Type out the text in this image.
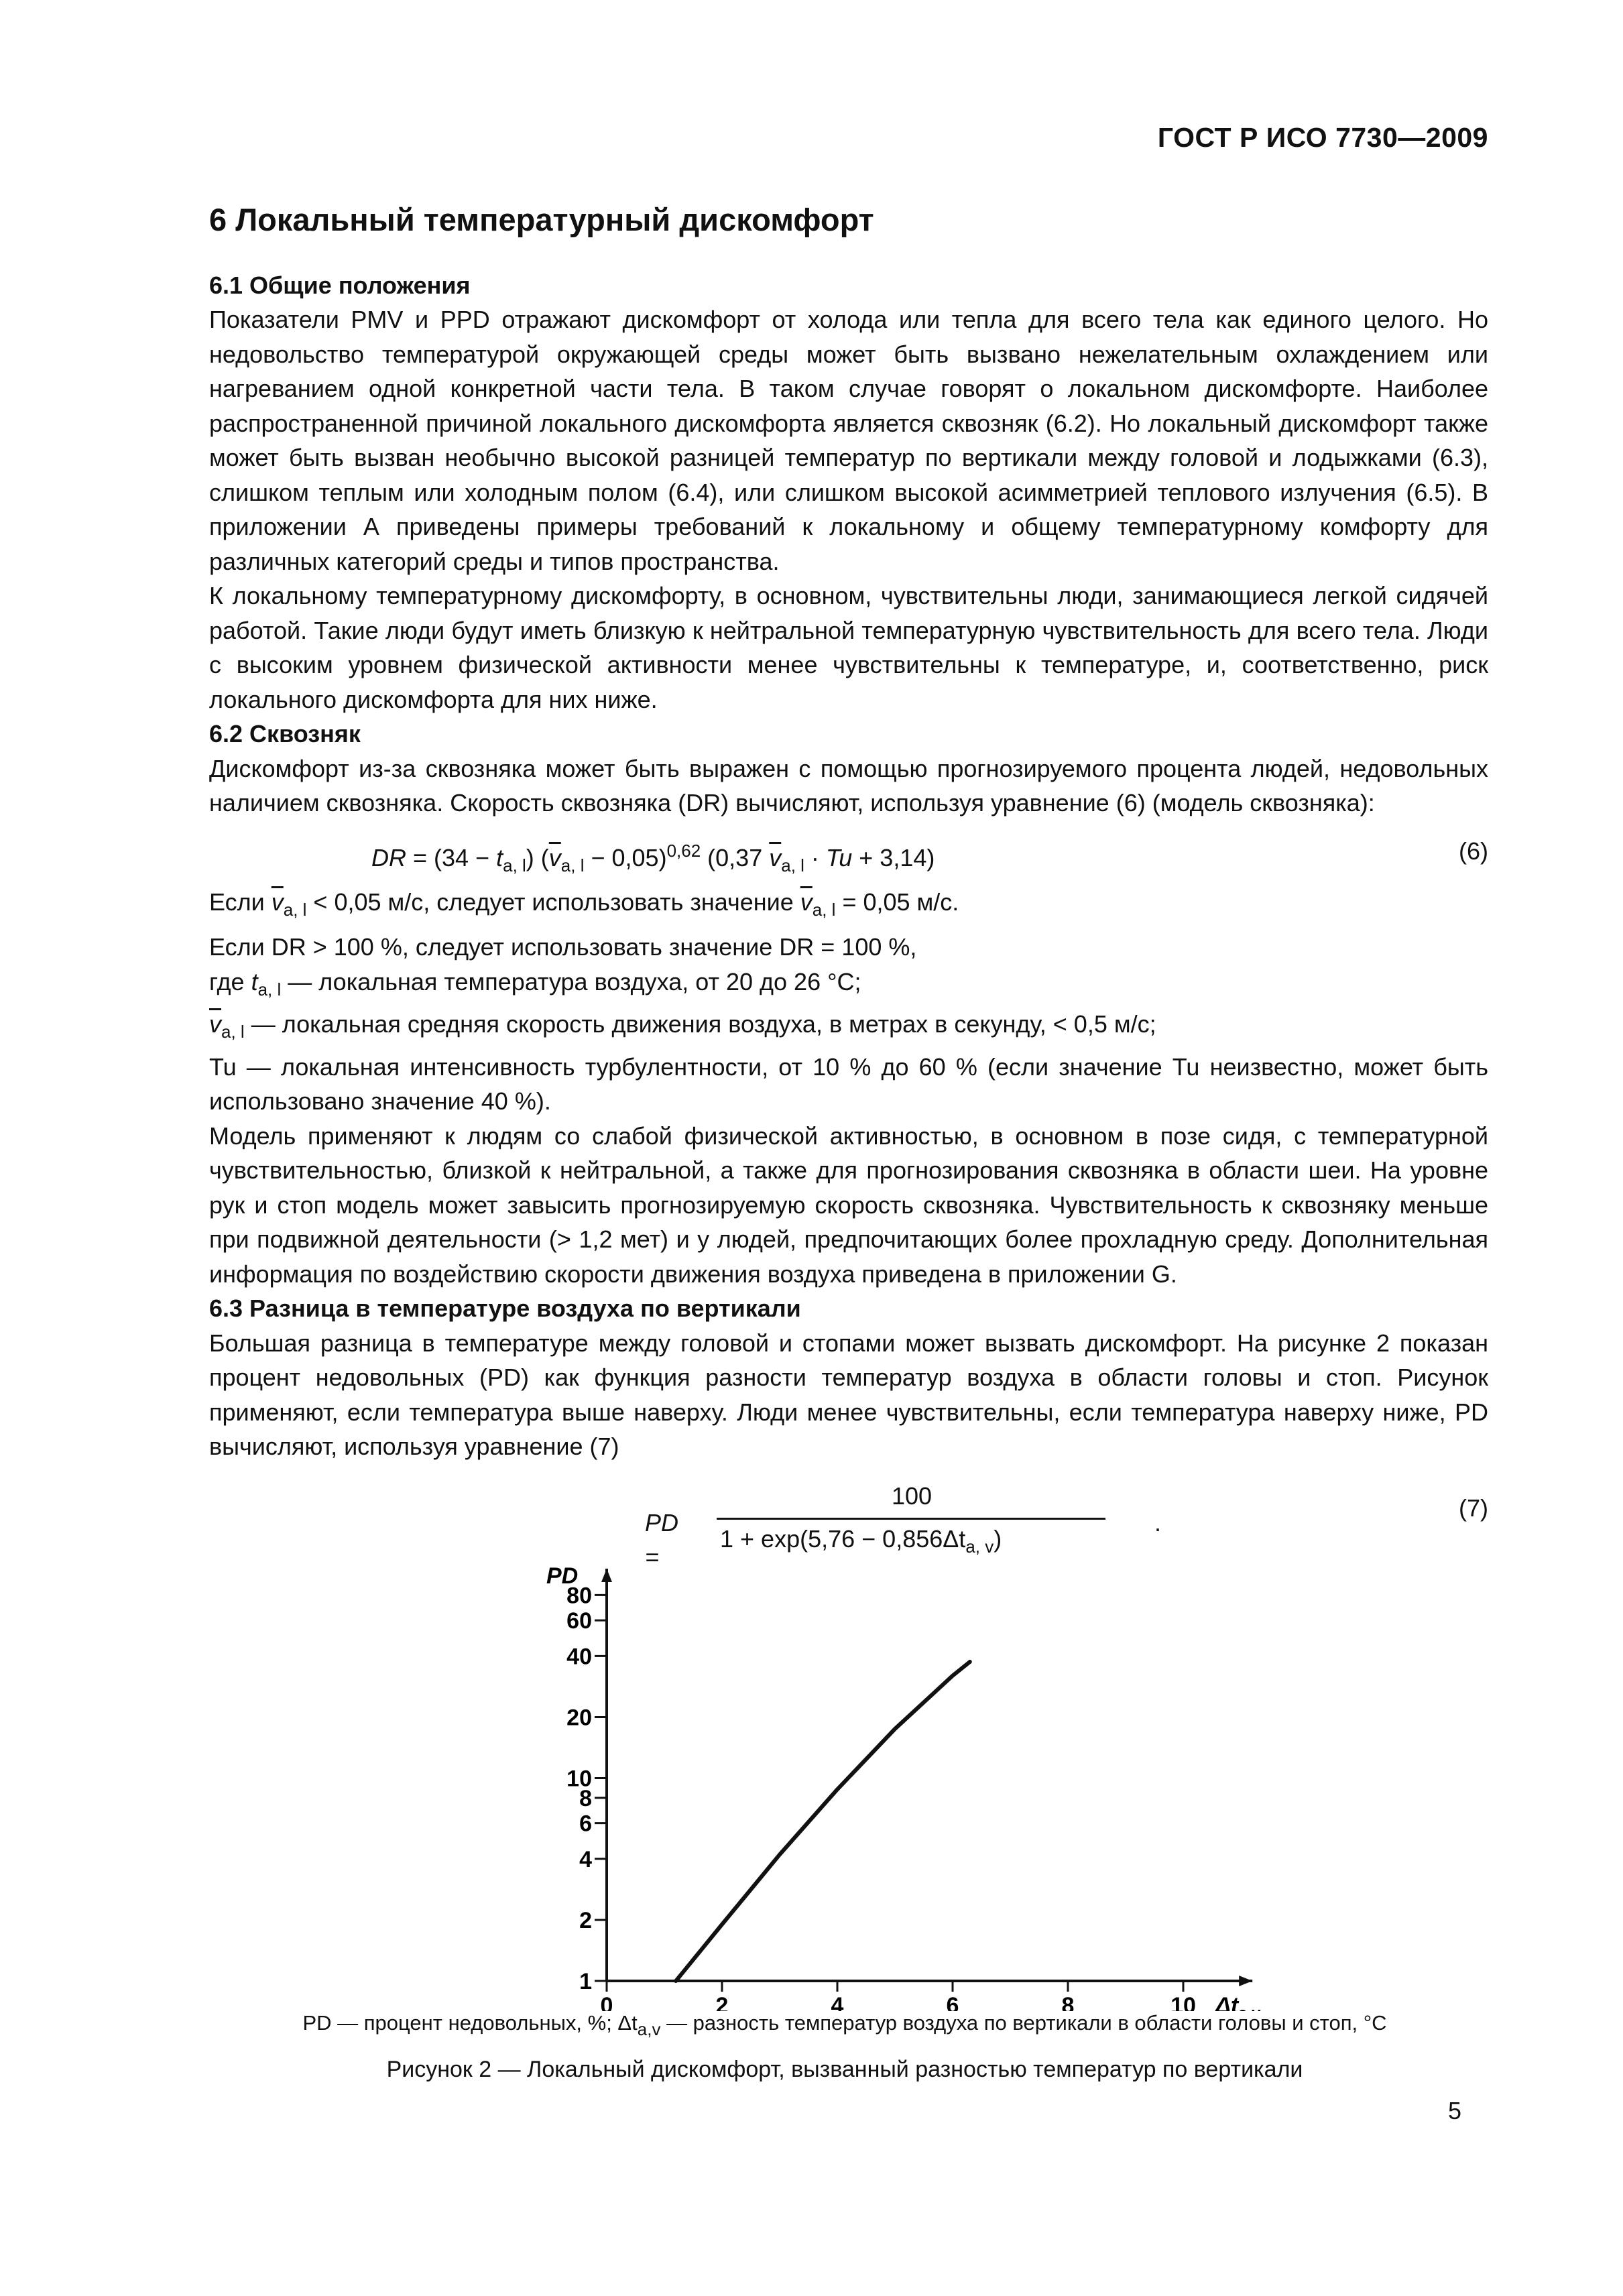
ГОСТ Р ИСО 7730—2009
6 Локальный температурный дискомфорт
6.1 Общие положения

Показатели PMV и PPD отражают дискомфорт от холода или тепла для всего тела как единого целого. Но недовольство температурой окружающей среды может быть вызвано нежелательным охлаждением или нагреванием одной конкретной части тела. В таком случае говорят о локальном дискомфорте. Наиболее распространенной причиной локального дискомфорта является сквозняк (6.2). Но локальный дискомфорт также может быть вызван необычно высокой разницей температур по вертикали между головой и лодыжками (6.3), слишком теплым или холодным полом (6.4), или слишком высокой асимметрией теплового излучения (6.5). В приложении А приведены примеры требований к локальному и общему температурному комфорту для различных категорий среды и типов пространства.

К локальному температурному дискомфорту, в основном, чувствительны люди, занимающиеся легкой сидячей работой. Такие люди будут иметь близкую к нейтральной температурную чувствительность для всего тела. Люди с высоким уровнем физической активности менее чувствительны к температуре, и, соответственно, риск локального дискомфорта для них ниже.

6.2 Сквозняк

Дискомфорт из-за сквозняка может быть выражен с помощью прогнозируемого процента людей, недовольных наличием сквозняка. Скорость сквозняка (DR) вычисляют, используя уравнение (6) (модель сквозняка):

DR = $(34 - t_{a, l})$ $(\overline{v}_{a, l} - 0,05)^{0,62}$ (0,37 $\overline{v}_{a, l} \cdot Tu + 3,14$)	(6)

Если $\overline{v}_{a, l} < 0,05$ м/с, следует использовать значение $\overline{v}_{a, l} = 0,05$ м/с.

Если DR > 100 %, следует использовать значение DR = 100 %,

где $t_{a, l}$ — локальная температура воздуха, от 20 до 26 °С;

$\overline{v}_{a, l}$ — локальная средняя скорость движения воздуха, в метрах в секунду, < 0,5 м/с;

Tu — локальная интенсивность турбулентности, от 10 % до 60 % (если значение Tu неизвестно, может быть использовано значение 40 %).

Модель применяют к людям со слабой физической активностью, в основном в позе сидя, с температурной чувствительностью, близкой к нейтральной, а также для прогнозирования сквозняка в области шеи. На уровне рук и стоп модель может завысить прогнозируемую скорость сквозняка. Чувствительность к сквозняку меньше при подвижной деятельности (> 1,2 мет) и у людей, предпочитающих более прохладную среду. Дополнительная информация по воздействию скорости движения воздуха приведена в приложении G.

6.3 Разница в температуре воздуха по вертикали

Большая разница в температуре между головой и стопами может вызвать дискомфорт. На рисунке 2 показан процент недовольных (PD) как функция разности температур воздуха в области головы и стоп. Рисунок применяют, если температура выше наверху. Люди менее чувствительны, если температура наверху ниже, PD вычисляют, используя уравнение (7)

PD =
100
$1 + \exp(5,76 - 0,856\Delta t_{a, v})$
.
(7)
80
60
40
20
10
8
6
4
2
1
0	2	4	6	8	10
PD
Δt
PD — процент недовольных, %; $\Delta t_{a,v}$ — разность температур воздуха по вертикали в области головы и стоп, °С
Рисунок 2 — Локальный дискомфорт, вызванный разностью температур по вертикали
5
